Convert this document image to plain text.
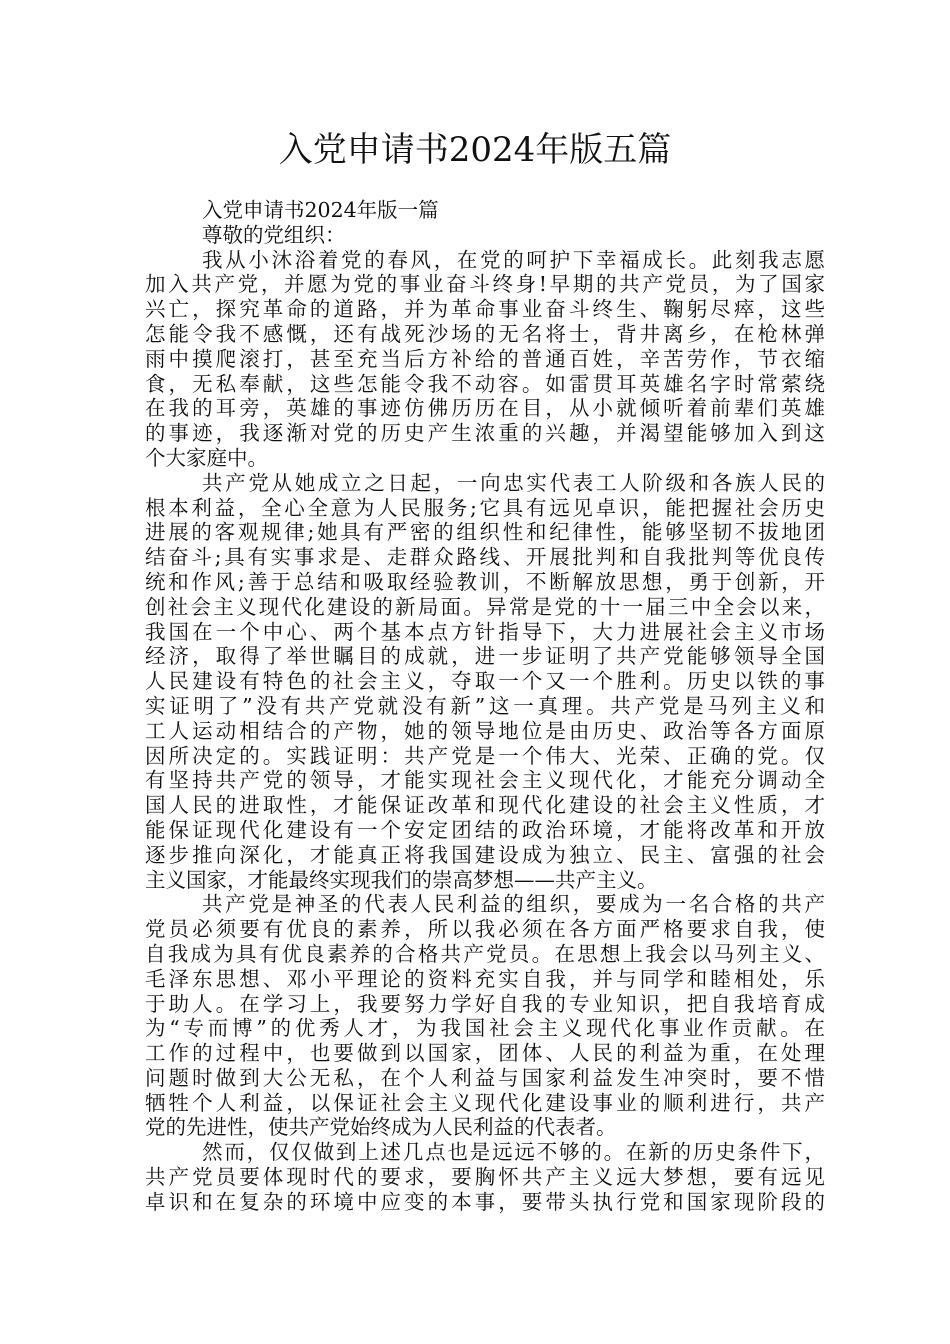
入党申请书2024年版五篇
入党申请书2024年版一篇
尊敬的党组织：
我从小沐浴着党的春风，在党的呵护下幸福成长。此刻我志愿
加入共产党，并愿为党的事业奋斗终身!早期的共产党员，为了国家
兴亡，探究革命的道路，并为革命事业奋斗终生、鞠躬尽瘁，这些
怎能令我不感慨，还有战死沙场的无名将士，背井离乡，在枪林弹
雨中摸爬滚打，甚至充当后方补给的普通百姓，辛苦劳作，节衣缩
食，无私奉献，这些怎能令我不动容。如雷贯耳英雄名字时常萦绕
在我的耳旁，英雄的事迹仿佛历历在目，从小就倾听着前辈们英雄
的事迹，我逐渐对党的历史产生浓重的兴趣，并渴望能够加入到这
个大家庭中。
共产党从她成立之日起，一向忠实代表工人阶级和各族人民的
根本利益，全心全意为人民服务;它具有远见卓识，能把握社会历史
进展的客观规律;她具有严密的组织性和纪律性，能够坚韧不拔地团
结奋斗;具有实事求是、走群众路线、开展批判和自我批判等优良传
统和作风;善于总结和吸取经验教训，不断解放思想，勇于创新，开
创社会主义现代化建设的新局面。异常是党的十一届三中全会以来，
我国在一个中心、两个基本点方针指导下，大力进展社会主义市场
经济，取得了举世瞩目的成就，进一步证明了共产党能够领导全国
人民建设有特色的社会主义，夺取一个又一个胜利。历史以铁的事
实证明了”没有共产党就没有新”这一真理。共产党是马列主义和
工人运动相结合的产物，她的领导地位是由历史、政治等各方面原
因所决定的。实践证明：共产党是一个伟大、光荣、正确的党。仅
有坚持共产党的领导，才能实现社会主义现代化，才能充分调动全
国人民的进取性，才能保证改革和现代化建设的社会主义性质，才
能保证现代化建设有一个安定团结的政治环境，才能将改革和开放
逐步推向深化，才能真正将我国建设成为独立、民主、富强的社会
主义国家，才能最终实现我们的崇高梦想——共产主义。
共产党是神圣的代表人民利益的组织，要成为一名合格的共产
党员必须要有优良的素养，所以我必须在各方面严格要求自我，使
自我成为具有优良素养的合格共产党员。在思想上我会以马列主义、
毛泽东思想、邓小平理论的资料充实自我，并与同学和睦相处，乐
于助人。在学习上，我要努力学好自我的专业知识，把自我培育成
为“专而博”的优秀人才，为我国社会主义现代化事业作贡献。在
工作的过程中，也要做到以国家，团体、人民的利益为重，在处理
问题时做到大公无私，在个人利益与国家利益发生冲突时，要不惜
牺牲个人利益，以保证社会主义现代化建设事业的顺利进行，共产
党的先进性，使共产党始终成为人民利益的代表者。
然而，仅仅做到上述几点也是远远不够的。在新的历史条件下，
共产党员要体现时代的要求，要胸怀共产主义远大梦想，要有远见
卓识和在复杂的环境中应变的本事，要带头执行党和国家现阶段的
